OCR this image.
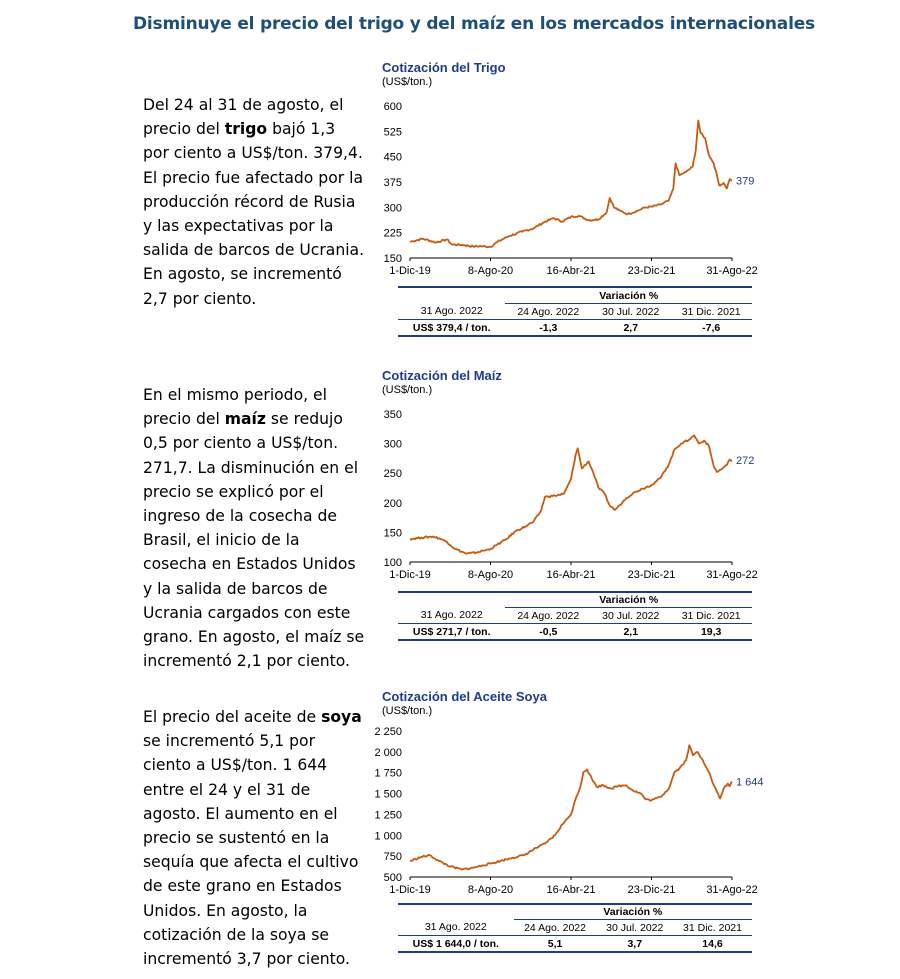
Disminuye el precio del trigo y del maíz en los mercados internacionales
Del 24 al 31 de agosto, el precio del trigo bajó 1,3 por ciento a US$/ton. 379,4. El precio fue afectado por la producción récord de Rusia y las expectativas por la salida de barcos de Ucrania. En agosto, se incrementó 2,7 por ciento.
En el mismo periodo, el precio del maíz se redujo 0,5 por ciento a US$/ton. 271,7. La disminución en el precio se explicó por el ingreso de la cosecha de Brasil, el inicio de la cosecha en Estados Unidos y la salida de barcos de Ucrania cargados con este grano. En agosto, el maíz se incrementó 2,1 por ciento.
El precio del aceite de soya se incrementó 5,1 por ciento a US$/ton. 1 644 entre el 24 y el 31 de agosto. El aumento en el precio se sustentó en la sequía que afecta el cultivo de este grano en Estados Unidos. En agosto, la cotización de la soya se incrementó 3,7 por ciento.
Cotización del Trigo
(US$/ton.)
150
225
300
375
450
525
600
1-Dic-19	8-Ago-20	16-Abr-21	23-Dic-21	31-Ago-22
379
	Variación %		
31 Ago. 2022	24 Ago. 2022	30 Jul. 2022	31 Dic. 2021
US$ 379,4 / ton.	-1,3	2,7	-7,6
Cotización del Maíz
(US$/ton.)
100
150
200
250
300
350
1-Dic-19	8-Ago-20	16-Abr-21	23-Dic-21	31-Ago-22
272
	Variación %		
31 Ago. 2022	24 Ago. 2022	30 Jul. 2022	31 Dic. 2021
US$ 271,7 / ton.	-0,5	2,1	19,3
Cotización del Aceite Soya
(US$/ton.)
500
750
1 000
1 250
1 500
1 750
2 000
2 250
1-Dic-19	8-Ago-20	16-Abr-21	23-Dic-21	31-Ago-22
1 644
	Variación %		
31 Ago. 2022	24 Ago. 2022	30 Jul. 2022	31 Dic. 2021
US$ 1 644,0 / ton.	5,1	3,7	14,6
